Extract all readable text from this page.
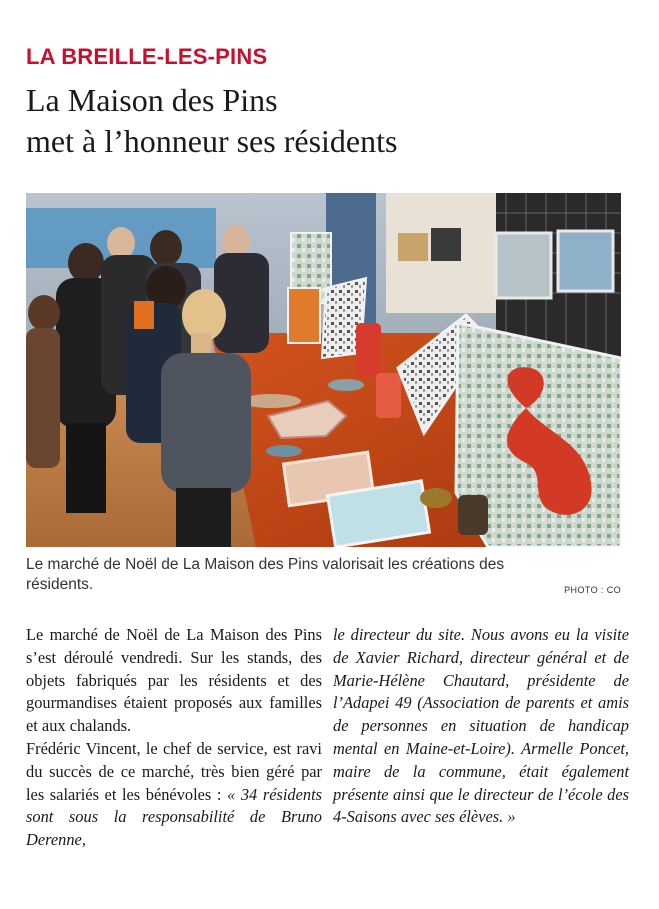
LA BREILLE-LES-PINS
La Maison des Pins
met à l’honneur ses résidents
Le marché de Noël de La Maison des Pins valorisait les créations des résidents.	PHOTO : CO

Le marché de Noël de La Maison des Pins s’est déroulé vendredi. Sur les stands, des objets fabriqués par les résidents et des gourmandises étaient proposés aux familles et aux chalands.

Frédéric Vincent, le chef de service, est ravi du succès de ce marché, très bien géré par les salariés et les bénévoles : « 34 résidents sont sous la responsabilité de Bruno Derenne,

le directeur du site. Nous avons eu la visite de Xavier Richard, directeur général et de Marie-Hélène Chautard, présidente de l’Adapei 49 (Association de parents et amis de personnes en situation de handicap mental en Maine-et-Loire). Armelle Poncet, maire de la commune, était également présente ainsi que le directeur de l’école des 4-Saisons avec ses élèves. »
